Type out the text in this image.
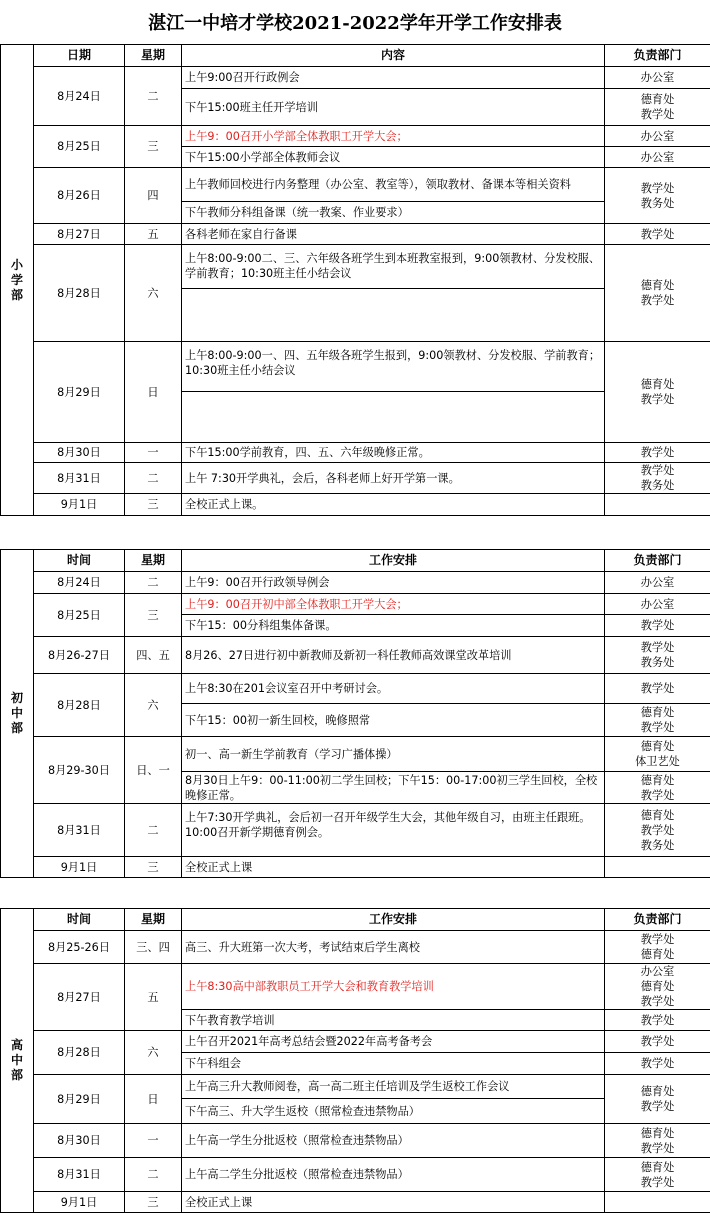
湛江一中培才学校2021-2022学年开学工作安排表
小
学
部	日期	星期	内容	负责部门
	8月24日	二	上午9:00召开行政例会	办公室

			下午15:00班主任开学培训	德育处
教学处

	8月25日	三	上午9：00召开小学部全体教职工开学大会；	办公室

			下午15:00小学部全体教师会议	办公室

	8月26日	四	上午教师回校进行内务整理（办公室、教室等），领取教材、备课本等相关资料	教学处
教务处

			下午教师分科组备课（统一教案、作业要求）	
	8月27日	五	各科老师在家自行备课	教学处

	8月28日	六	上午8:00-9:00二、三、六年级各班学生到本班教室报到，9:00领教材、分发校服、学前教育；10:30班主任小结会议	德育处
教学处

	8月29日	日	上午8:00-9:00一、四、五年级各班学生报到，9:00领教材、分发校服、学前教育；10:30班主任小结会议	德育处
教学处

	8月30日	一	下午15:00学前教育，四、五、六年级晚修正常。	教学处

	8月31日	二	上午 7:30开学典礼，会后，各科老师上好开学第一课。	教学处
教务处

	9月1日	三	全校正式上课。	
初
中
部	时间	星期	工作安排	负责部门
	8月24日	二	上午9：00召开行政领导例会	办公室

	8月25日	三	上午9：00召开初中部全体教职工开学大会；	办公室

			下午15：00分科组集体备课。	教学处

	8月26-27日	四、五	8月26、27日进行初中新教师及新初一科任教师高效课堂改革培训	教学处
教务处

	8月28日	六	上午8:30在201会议室召开中考研讨会。	教学处

			下午15：00初一新生回校，晚修照常	德育处
教学处

	8月29-30日	日、一	初一、高一新生学前教育（学习广播体操）	德育处
体卫艺处

			8月30日上午9：00-11:00初二学生回校；下午15：00-17:00初三学生回校，全校晚修正常。	德育处
教学处

	8月31日	二	上午7:30开学典礼，会后初一召开年级学生大会，其他年级自习，由班主任跟班。10:00召开新学期德育例会。	德育处
教学处
教务处

	9月1日	三	全校正式上课	
高
中
部	时间	星期	工作安排	负责部门
	8月25-26日	三、四	高三、升大班第一次大考，考试结束后学生离校	教学处
德育处

	8月27日	五	上午8:30高中部教职员工开学大会和教育教学培训	办公室
德育处
教学处

			下午教育教学培训	教学处

	8月28日	六	上午召开2021年高考总结会暨2022年高考备考会	教学处

			下午科组会	教学处

	8月29日	日	上午高三升大教师阅卷，高一高二班主任培训及学生返校工作会议	德育处
教学处

			下午高三、升大学生返校（照常检查违禁物品）	
	8月30日	一	上午高一学生分批返校（照常检查违禁物品）	德育处
教学处

	8月31日	二	上午高二学生分批返校（照常检查违禁物品）	德育处
教学处

	9月1日	三	全校正式上课	
